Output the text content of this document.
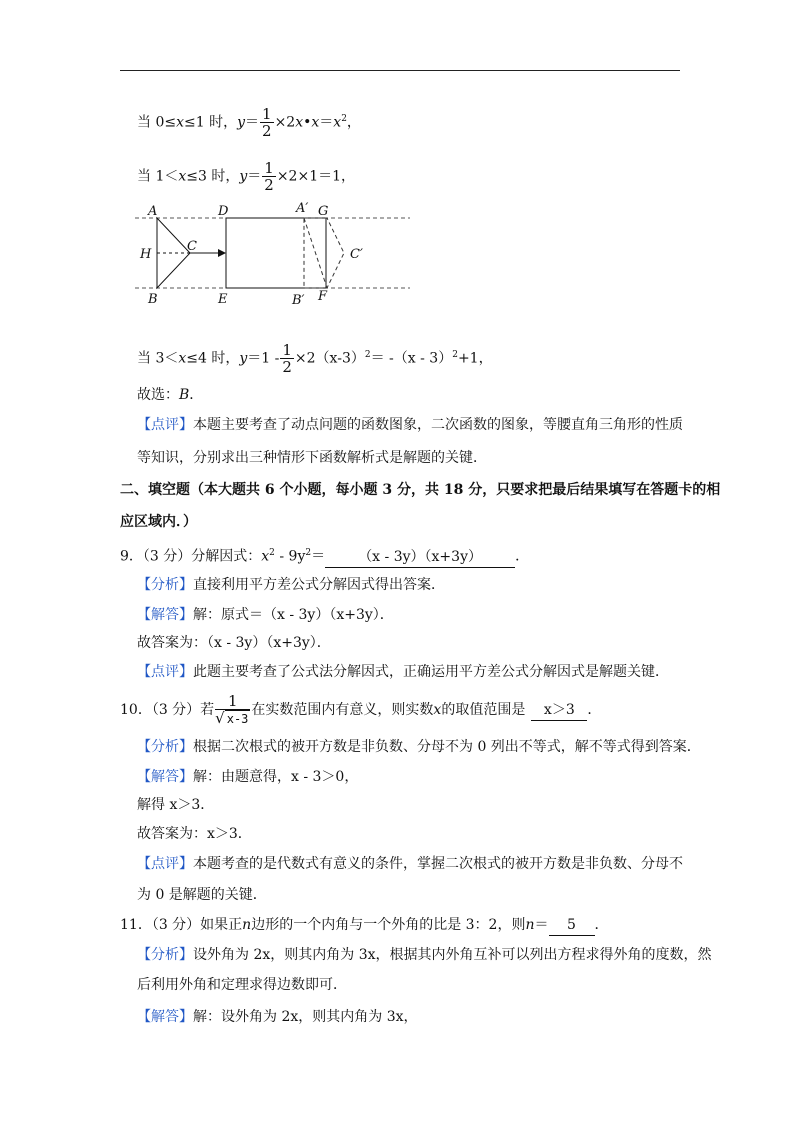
当 0≤x≤1 时，$y= \frac{1}{2}$ $\times 2x•x=x^2$，
当 1＜x≤3 时，$y= \frac{1}{2} \times 2\times 1=1$，
A	D	A′ G
H
C
C′
B	E	B′ F
当 3＜x≤4 时，$y=1 - \frac{1}{2} \times 2(x-3)^2= -(x - 3)^2+1$，
故选：B．
【点评】本题主要考查了动点问题的函数图象，二次函数的图象，等腰直角三角形的性质
等知识，分别求出三种情形下函数解析式是解题的关键．
二、填空题（本大题共 6 个小题，每小题 3 分，共 18 分，只要求把最后结果填写在答题卡的相
应区域内．）
9．（3 分）分解因式：$x^2 - 9y^2= (x - 3y)(x+3y)$ ．
【分析】直接利用平方差公式分解因式得出答案．
【解答】解：原式＝（x - 3y）（x+3y）．
故答案为：（x - 3y）（x+3y）．
【点评】此题主要考查了公式法分解因式，正确运用平方差公式分解因式是解题关键．
10．（3 分）若 $\frac{1}{√ x-3}$ 在实数范围内有意义，则实数x的取值范围是 x＞3 ．
【分析】根据二次根式的被开方数是非负数、分母不为 0 列出不等式，解不等式得到答案．
【解答】解：由题意得，x - 3＞0，
解得 x＞3．
故答案为：x＞3．
【点评】本题考查的是代数式有意义的条件，掌握二次根式的被开方数是非负数、分母不
为 0 是解题的关键．
11．（3 分）如果正n边形的一个内角与一个外角的比是 3：2，则n＝ 5 ．
【分析】设外角为 2x，则其内角为 3x，根据其内外角互补可以列出方程求得外角的度数，然
后利用外角和定理求得边数即可．
【解答】解：设外角为 2x，则其内角为 3x，
